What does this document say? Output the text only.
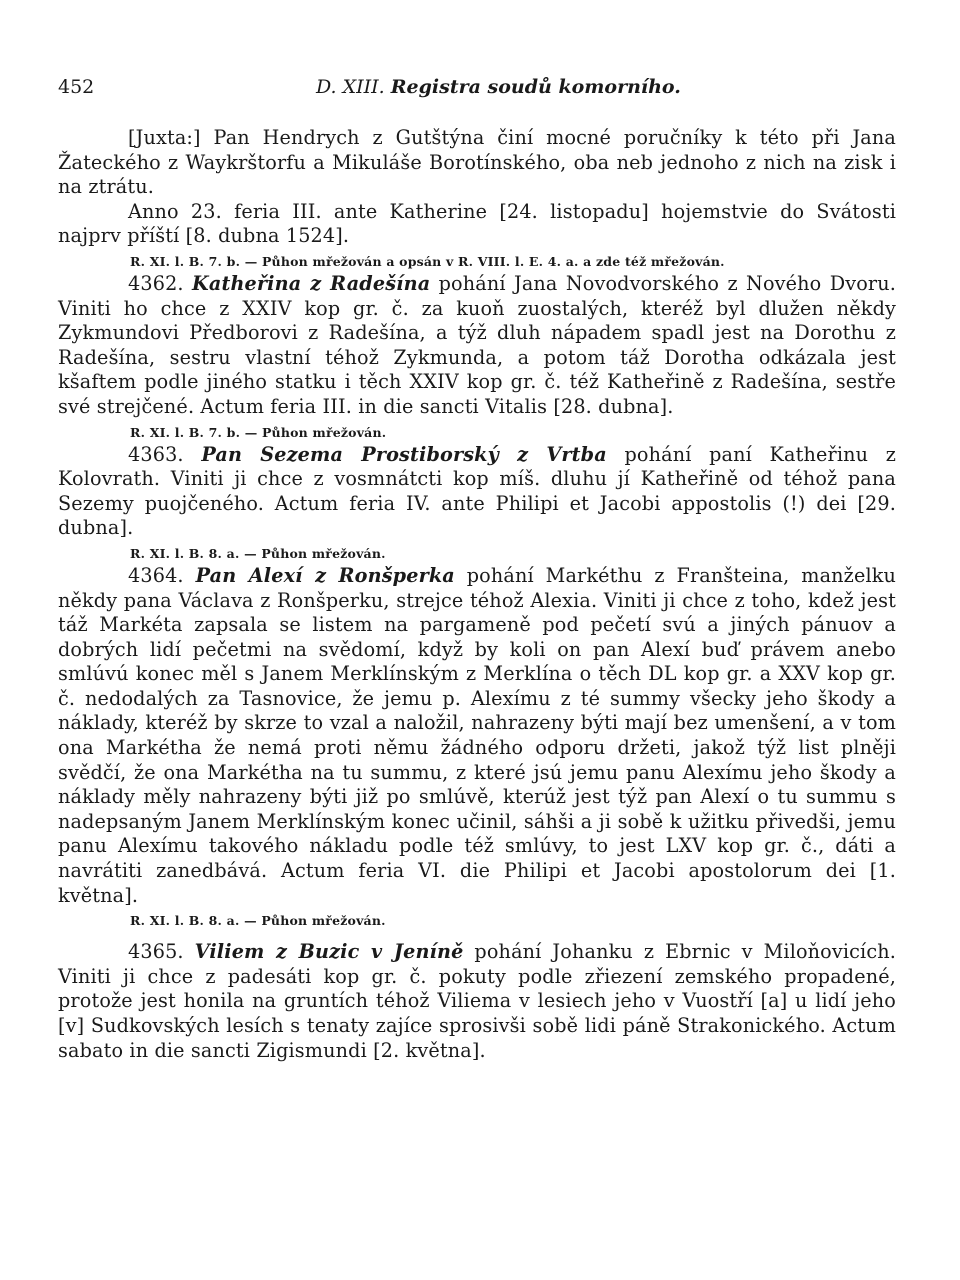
452	D. XIII. Registra soudů komorního.

[Juxta:] Pan Hendrych z Gutštýna činí mocné poručníky k této při Jana Žateckého z Waykrštorfu a Mikuláše Borotínského, oba neb jednoho z nich na zisk i na ztrátu.

Anno 23. feria III. ante Katherine [24. listopadu] hojemstvie do Svátosti najprv příští [8. dubna 1524].

R. XI. l. B. 7. b. — Půhon mřežován a opsán v R. VIII. l. E. 4. a. a zde též mřežován.

4362. Katheřina z Radešína pohání Jana Novodvorského z Nového Dvoru. Viniti ho chce z XXIV kop gr. č. za kuoň zuostalých, kteréž byl dlužen někdy Zykmundovi Předborovi z Radešína, a týž dluh nápadem spadl jest na Dorothu z Radešína, sestru vlastní téhož Zykmunda, a potom táž Dorotha odkázala jest kšaftem podle jiného statku i těch XXIV kop gr. č. též Katheřině z Radešína, sestře své strejčené. Actum feria III. in die sancti Vitalis [28. dubna].

R. XI. l. B. 7. b. — Půhon mřežován.

4363. Pan Sezema Prostiborský z Vrtba pohání paní Katheřinu z Kolovrath. Viniti ji chce z vosmnátcti kop míš. dluhu jí Katheřině od téhož pana Sezemy puojčeného. Actum feria IV. ante Philipi et Jacobi appostolis (!) dei [29. dubna].

R. XI. l. B. 8. a. — Půhon mřežován.

4364. Pan Alexí z Ronšperka pohání Markéthu z Franšteina, manželku někdy pana Václava z Ronšperku, strejce téhož Alexia. Viniti ji chce z toho, kdež jest táž Markéta zapsala se listem na pargameně pod pečetí svú a jiných pánuov a dobrých lidí pečetmi na svědomí, když by koli on pan Alexí buď právem anebo smlúvú konec měl s Janem Merklínským z Merklína o těch DL kop gr. a XXV kop gr. č. nedodalých za Tasnovice, že jemu p. Alexímu z té summy všecky jeho škody a náklady, kteréž by skrze to vzal a naložil, nahrazeny býti mají bez umenšení, a v tom ona Markétha že nemá proti němu žádného odporu držeti, jakož týž list plněji svědčí, že ona Markétha na tu summu, z které jsú jemu panu Alexímu jeho škody a náklady měly nahrazeny býti již po smlúvě, kterúž jest týž pan Alexí o tu summu s nadepsaným Janem Merklínským konec učinil, sáhši a ji sobě k užitku přivedši, jemu panu Alexímu takového nákladu podle též smlúvy, to jest LXV kop gr. č., dáti a navrátiti zanedbává. Actum feria VI. die Philipi et Jacobi apostolorum dei [1. května].

R. XI. l. B. 8. a. — Půhon mřežován.

4365. Viliem z Buzic v Jeníně pohání Johanku z Ebrnic v Miloňovicích. Viniti ji chce z padesáti kop gr. č. pokuty podle zřiezení zemského propadené, protože jest honila na gruntích téhož Viliema v lesiech jeho v Vuostří [a] u lidí jeho [v] Sudkovských lesích s tenaty zajíce sprosivši sobě lidi páně Strakonického. Actum sabato in die sancti Zigismundi [2. května].
